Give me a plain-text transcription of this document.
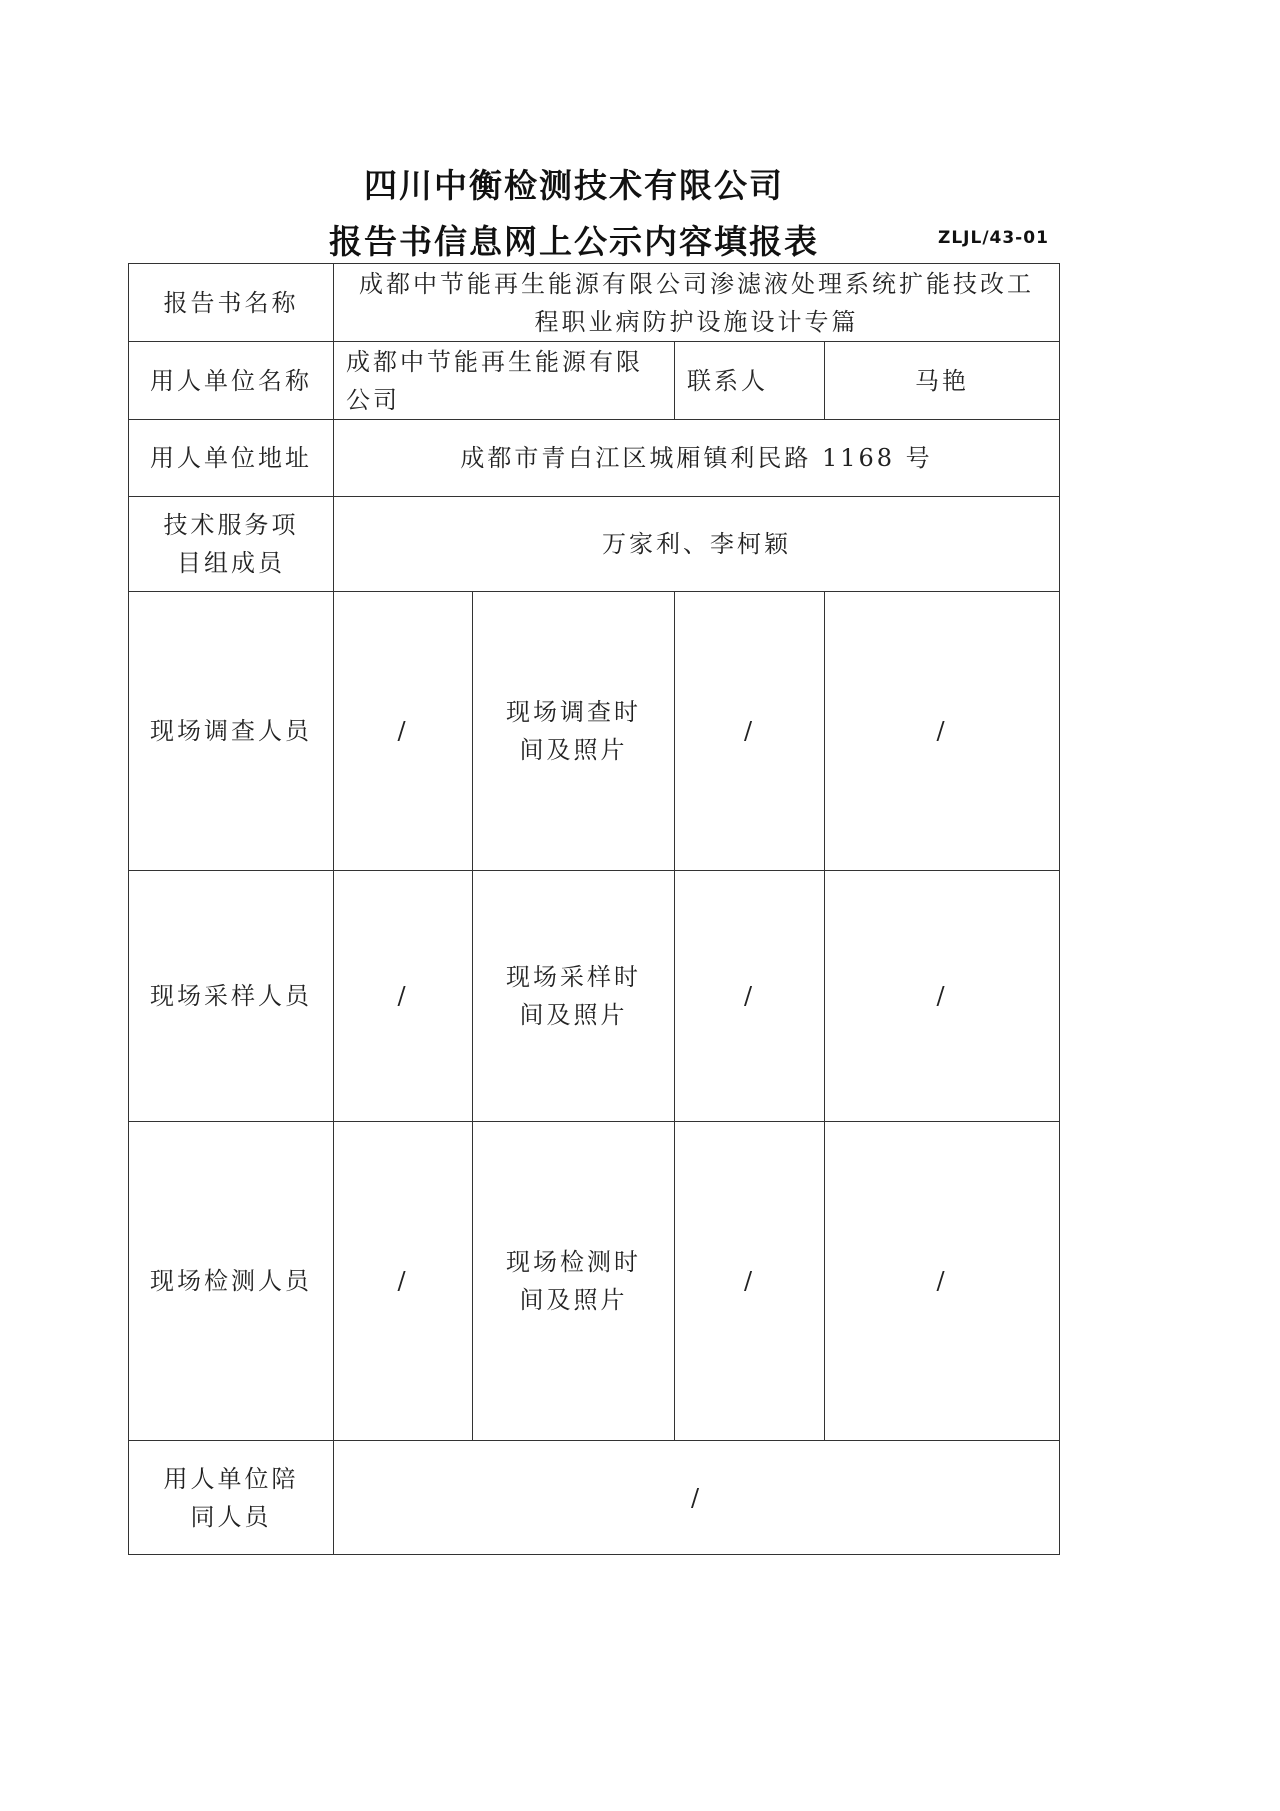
四川中衡检测技术有限公司
报告书信息网上公示内容填报表	ZLJL/43-01
报告书名称	成都中节能再生能源有限公司渗滤液处理系统扩能技改工程职业病防护设施设计专篇			
用人单位名称	成都中节能再生能源有限公司		联系人	马艳
用人单位地址	成都市青白江区城厢镇利民路 1168 号			
技术服务项目组成员	万家利、李柯颖			
现场调查人员	/	现场调查时间及照片	/	/
现场采样人员	/	现场采样时间及照片	/	/
现场检测人员	/	现场检测时间及照片	/	/
用人单位陪同人员	/			
